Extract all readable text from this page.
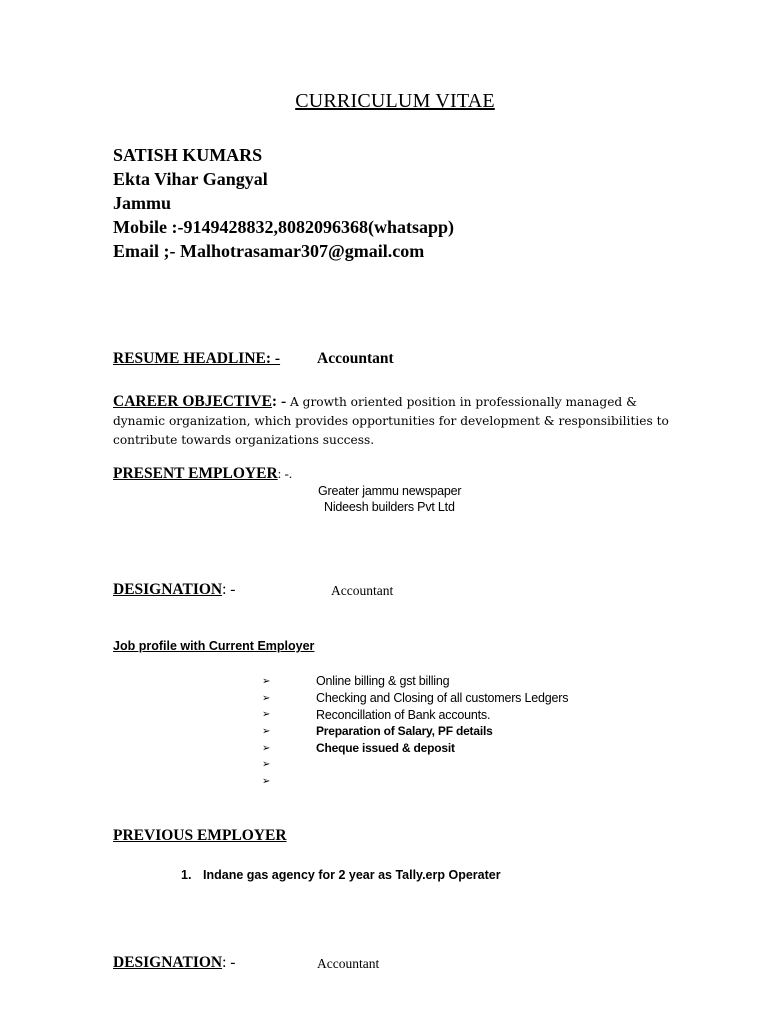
CURRICULUM VITAE
SATISH KUMARS
Ekta Vihar Gangyal
Jammu
Mobile :-9149428832,8082096368(whatsapp)
Email ;- Malhotrasamar307@gmail.com
RESUME HEADLINE: - Accountant
CAREER OBJECTIVE: - A growth oriented position in professionally managed & dynamic organization, which provides opportunities for development & responsibilities to contribute towards organizations success.
PRESENT EMPLOYER: -.
Greater jammu newspaper
Nideesh builders Pvt Ltd
DESIGNATION: -	Accountant
Job profile with Current Employer
➢	Online billing & gst billing
➢	Checking and Closing of all customers Ledgers
➢	Reconcillation of Bank accounts.
➢	Preparation of Salary, PF details
➢	Cheque issued & deposit
➢
➢
PREVIOUS EMPLOYER
1. Indane gas agency for 2 year as Tally.erp Operater
DESIGNATION: -	Accountant
